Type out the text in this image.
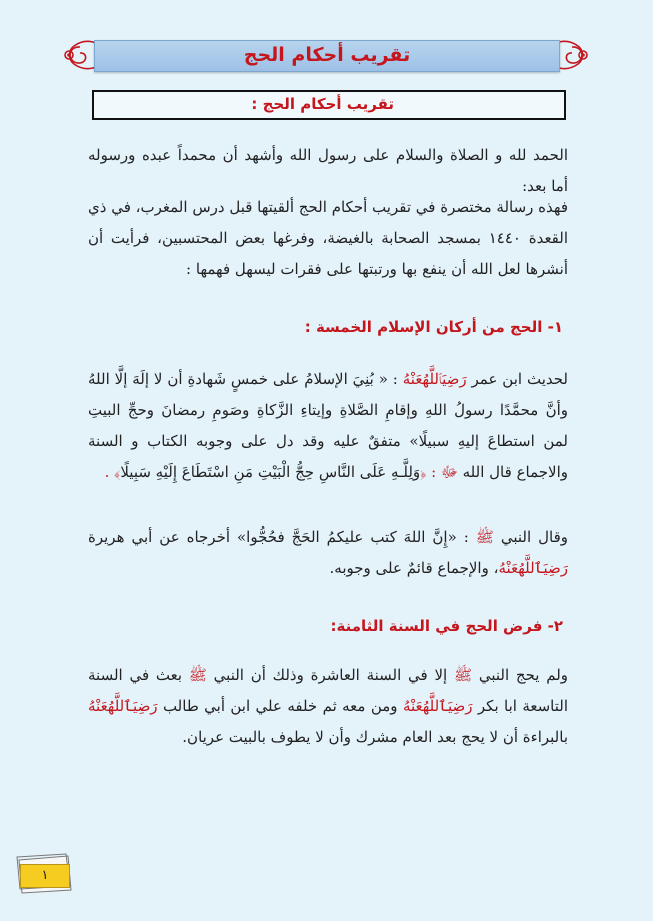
تقريب أحكام الحج
تقريب أحكام الحج :
الحمد لله و الصلاة والسلام على رسول الله وأشهد أن محمداً عبده ورسوله أما بعد:
فهذه رسالة مختصرة في تقريب أحكام الحج ألقيتها قبل درس المغرب، في ذي القعدة ١٤٤٠ بمسجد الصحابة بالغيضة، وفرغها بعض المحتسبين، فرأيت أن أنشرها لعل الله أن ينفع بها ورتبتها على فقرات ليسهل فهمها :
١- الحج من أركان الإسلام الخمسة :
لحديث ابن عمر رَضِيَٱللَّهُعَنْهُ : « بُنِيَ الإسلامُ على خمسٍ شَهادةِ أن لا إلَهَ إلَّا اللهُ وأنَّ محمَّدًا رسولُ اللهِ وإقامِ الصَّلاةِ وإيتاءِ الزَّكاةِ وصَومِ رمضانَ وحجِّ البيتِ لمن استطاعَ إليهِ سبيلًا» متفقٌ عليه وقد دل على وجوبه الكتاب و السنة والاجماع قال الله ﷻ : ﴿وَلِلَّـهِ عَلَى النَّاسِ حِجُّ الْبَيْتِ مَنِ اسْتَطَاعَ إِلَيْهِ سَبِيلًا﴾ .
وقال النبي ﷺ : «إِنَّ اللهَ كتب عليكمُ الحَجَّ فحُجُّوا» أخرجاه عن أبي هريرة رَضِيَٱللَّهُعَنْهُ، والإجماع قائمٌ على وجوبه.
٢- فرض الحج في السنة الثامنة:
ولم يحج النبي ﷺ إلا في السنة العاشرة وذلك أن النبي ﷺ بعث في السنة التاسعة ابا بكر رَضِيَٱللَّهُعَنْهُ ومن معه ثم خلفه علي ابن أبي طالب رَضِيَٱللَّهُعَنْهُ بالبراءة أن لا يحج بعد العام مشرك وأن لا يطوف بالبيت عريان.
١
